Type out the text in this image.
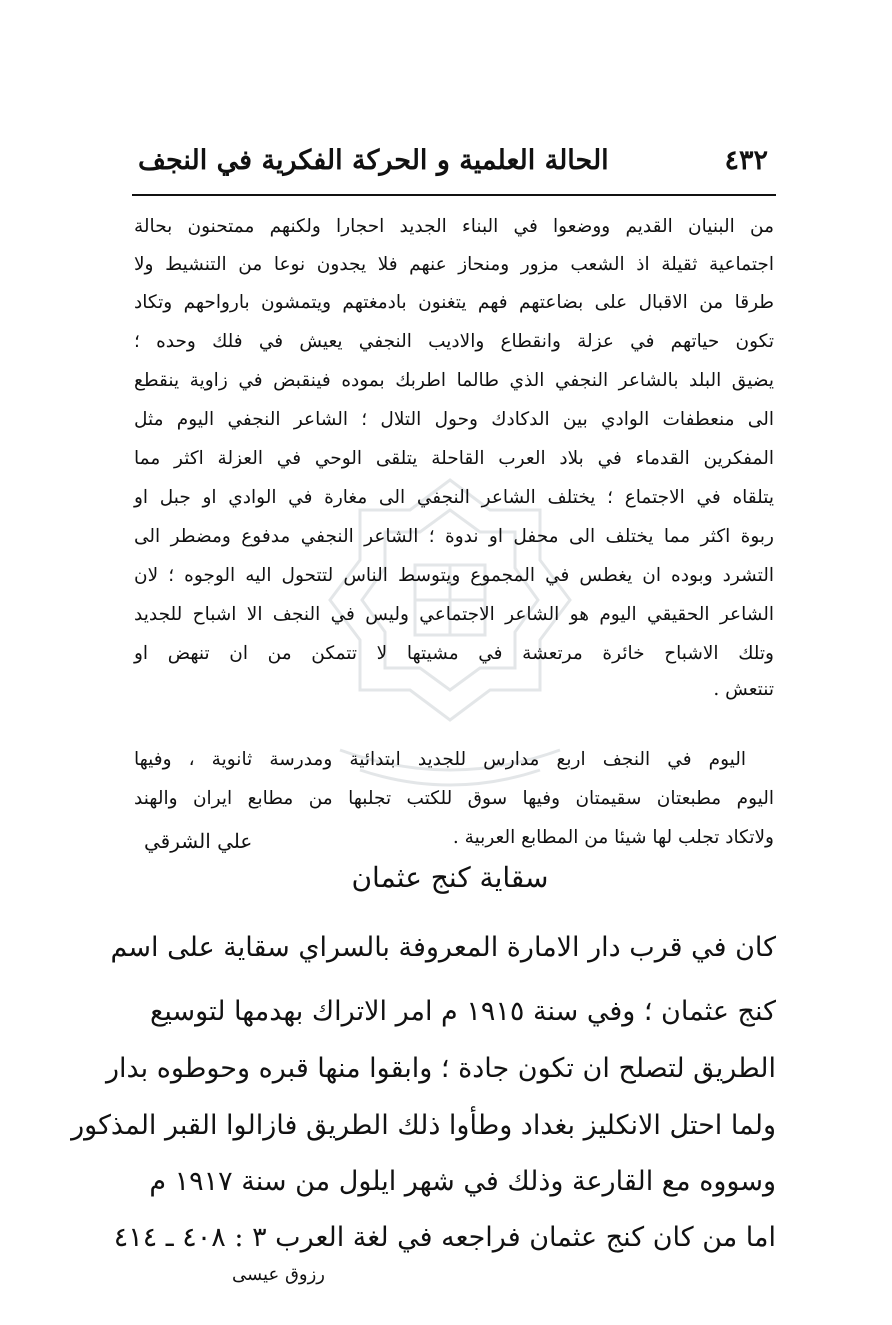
٤٣٢
الحالة العلمية و الحركة الفكرية في النجف
من البنيان القديم ووضعوا في البناء الجديد احجارا ولكنهم ممتحنون بحالة
اجتماعية ثقيلة اذ الشعب مزور ومنحاز عنهم فلا يجدون نوعا من التنشيط ولا
طرقا من الاقبال على بضاعتهم فهم يتغنون بادمغتهم ويتمشون بارواحهم وتكاد
تكون حياتهم في عزلة وانقطاع والاديب النجفي يعيش في فلك وحده ؛
يضيق البلد بالشاعر النجفي الذي طالما اطربك بموده فينقبض في زاوية ينقطع
الى منعطفات الوادي بين الدكادك وحول التلال ؛ الشاعر النجفي اليوم مثل
المفكرين القدماء في بلاد العرب القاحلة يتلقى الوحي في العزلة اكثر مما
يتلقاه في الاجتماع ؛ يختلف الشاعر النجفي الى مغارة في الوادي او جبل او
ربوة اكثر مما يختلف الى محفل او ندوة ؛ الشاعر النجفي مدفوع ومضطر الى
التشرد وبوده ان يغطس في المجموع ويتوسط الناس لتتحول اليه الوجوه ؛ لان
الشاعر الحقيقي اليوم هو الشاعر الاجتماعي وليس في النجف الا اشباح للجديد
وتلك الاشباح خائرة مرتعشة في مشيتها لا تتمكن من ان تنهض او
تنتعش .
اليوم في النجف اربع مدارس للجديد ابتدائية ومدرسة ثانوية ، وفيها
اليوم مطبعتان سقيمتان وفيها سوق للكتب تجلبها من مطابع ايران والهند
ولاتكاد تجلب لها شيئا من المطابع العربية .
علي الشرقي
سقاية كنج عثمان
كان في قرب دار الامارة المعروفة بالسراي سقاية على اسم
كنج عثمان ؛ وفي سنة ١٩١٥ م امر الاتراك بهدمها لتوسيع
الطريق لتصلح ان تكون جادة ؛ وابقوا منها قبره وحوطوه بدار
ولما احتل الانكليز بغداد وطأوا ذلك الطريق فازالوا القبر المذكور
وسووه مع القارعة وذلك في شهر ايلول من سنة ١٩١٧ م
اما من كان كنج عثمان فراجعه في لغة العرب ٣ : ٤٠٨ ـ ٤١٤
رزوق عيسى
